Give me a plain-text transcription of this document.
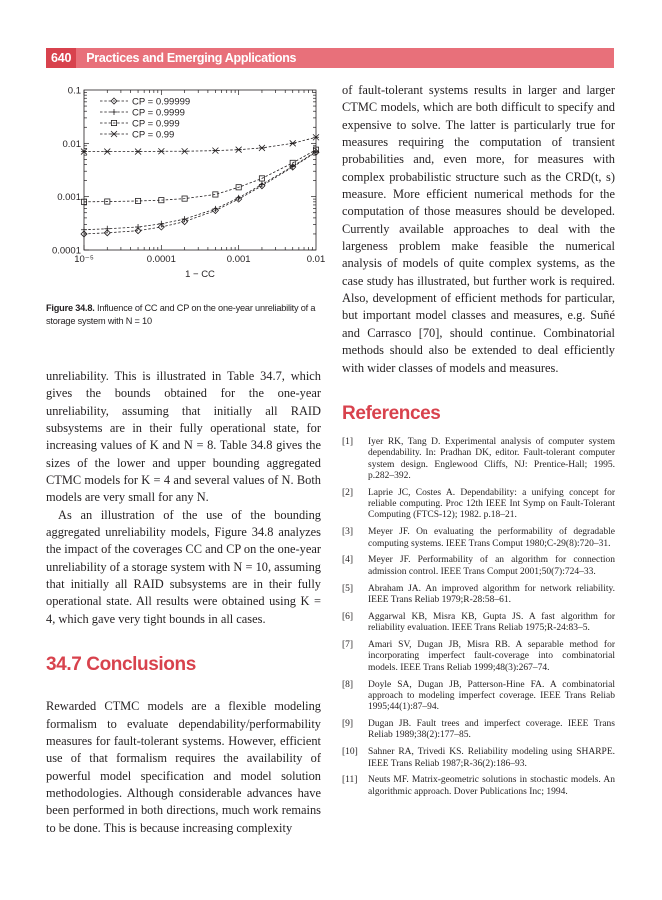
640	Practices and Emerging Applications
10⁻⁵	0.0001	0.001	0.01
0.1
0.01
0.001
0.0001
1 − CC
CP = 0.99999
CP = 0.9999
CP = 0.999
CP = 0.99
Figure 34.8. Influence of CC and CP on the one-year unreliability of a storage system with N = 10

unreliability. This is illustrated in Table 34.7, which gives the bounds obtained for the one-year unreliability, assuming that initially all RAID subsystems are in their fully operational state, for increasing values of K and N = 8. Table 34.8 gives the sizes of the lower and upper bounding aggregated CTMC models for K = 4 and several values of N. Both models are very small for any N.

As an illustration of the use of the bounding aggregated unreliability models, Figure 34.8 analyzes the impact of the coverages CC and CP on the one-year unreliability of a storage system with N = 10, assuming that initially all RAID subsystems are in their fully operational state. All results were obtained using K = 4, which gave very tight bounds in all cases.

34.7 Conclusions

Rewarded CTMC models are a flexible modeling formalism to evaluate dependability/performability measures for fault-tolerant systems. However, efficient use of that formalism requires the availability of powerful model specification and model solution methodologies. Although considerable advances have been performed in both directions, much work remains to be done. This is because increasing complexity

of fault-tolerant systems results in larger and larger CTMC models, which are both difficult to specify and expensive to solve. The latter is particularly true for measures requiring the computation of transient probabilities and, even more, for measures with complex probabilistic structure such as the CRD(t, s) measure. More efficient numerical methods for the computation of those measures should be developed. Currently available approaches to deal with the largeness problem make feasible the numerical analysis of models of quite complex systems, as the case study has illustrated, but further work is required. Also, development of efficient methods for particular, but important model classes and measures, e.g. Suñé and Carrasco [70], should continue. Combinatorial methods should also be extended to deal efficiently with wider classes of models and measures.

References
[1]	Iyer RK, Tang D. Experimental analysis of computer system dependability. In: Pradhan DK, editor. Fault-tolerant computer system design. Englewood Cliffs, NJ: Prentice-Hall; 1995. p.282–392.
[2]	Laprie JC, Costes A. Dependability: a unifying concept for reliable computing. Proc 12th IEEE Int Symp on Fault-Tolerant Computing (FTCS-12); 1982. p.18–21.
[3]	Meyer JF. On evaluating the performability of degradable computing systems. IEEE Trans Comput 1980;C-29(8):720–31.
[4]	Meyer JF. Performability of an algorithm for connection admission control. IEEE Trans Comput 2001;50(7):724–33.
[5]	Abraham JA. An improved algorithm for network reliability. IEEE Trans Reliab 1979;R-28:58–61.
[6]	Aggarwal KB, Misra KB, Gupta JS. A fast algorithm for reliability evaluation. IEEE Trans Reliab 1975;R-24:83–5.
[7]	Amari SV, Dugan JB, Misra RB. A separable method for incorporating imperfect fault-coverage into combinatorial models. IEEE Trans Reliab 1999;48(3):267–74.
[8]	Doyle SA, Dugan JB, Patterson-Hine FA. A combinatorial approach to modeling imperfect coverage. IEEE Trans Reliab 1995;44(1):87–94.
[9]	Dugan JB. Fault trees and imperfect coverage. IEEE Trans Reliab 1989;38(2):177–85.
[10]	Sahner RA, Trivedi KS. Reliability modeling using SHARPE. IEEE Trans Reliab 1987;R-36(2):186–93.
[11]	Neuts MF. Matrix-geometric solutions in stochastic models. An algorithmic approach. Dover Publications Inc; 1994.
